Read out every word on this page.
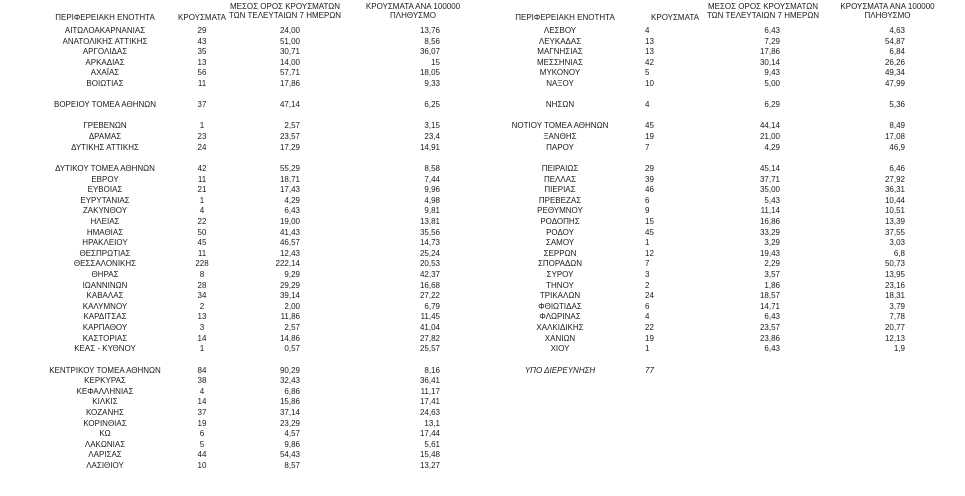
ΠΕΡΙΦΕΡΕΙΑΚΗ ΕΝΟΤΗΤΑ	ΚΡΟΥΣΜΑΤΑ
ΜΕΣΟΣ ΟΡΟΣ ΚΡΟΥΣΜΑΤΩΝ
ΤΩΝ ΤΕΛΕΥΤΑΙΩΝ 7 ΗΜΕΡΩΝ
ΚΡΟΥΣΜΑΤΑ ΑΝΑ 100000
ΠΛΗΘΥΣΜΟ
ΑΙΤΩΛΟΑΚΑΡΝΑΝΙΑΣ	29	24,00	13,76
ΑΝΑΤΟΛΙΚΗΣ ΑΤΤΙΚΗΣ	43	51,00	8,56
ΑΡΓΟΛΙΔΑΣ	35	30,71	36,07
ΑΡΚΑΔΙΑΣ	13	14,00	15
ΑΧΑΪΑΣ	56	57,71	18,05
ΒΟΙΩΤΙΑΣ	11	17,86	9,33
ΒΟΡΕΙΟΥ ΤΟΜΕΑ ΑΘΗΝΩΝ	37	47,14	6,25
ΓΡΕΒΕΝΩΝ	1	2,57	3,15
ΔΡΑΜΑΣ	23	23,57	23,4
ΔΥΤΙΚΗΣ ΑΤΤΙΚΗΣ	24	17,29	14,91
ΔΥΤΙΚΟΥ ΤΟΜΕΑ ΑΘΗΝΩΝ	42	55,29	8,58
ΕΒΡΟΥ	11	18,71	7,44
ΕΥΒΟΙΑΣ	21	17,43	9,96
ΕΥΡΥΤΑΝΙΑΣ	1	4,29	4,98
ΖΑΚΥΝΘΟΥ	4	6,43	9,81
ΗΛΕΙΑΣ	22	19,00	13,81
ΗΜΑΘΙΑΣ	50	41,43	35,56
ΗΡΑΚΛΕΙΟΥ	45	46,57	14,73
ΘΕΣΠΡΩΤΙΑΣ	11	12,43	25,24
ΘΕΣΣΑΛΟΝΙΚΗΣ	228	222,14	20,53
ΘΗΡΑΣ	8	9,29	42,37
ΙΩΑΝΝΙΝΩΝ	28	29,29	16,68
ΚΑΒΑΛΑΣ	34	39,14	27,22
ΚΑΛΥΜΝΟΥ	2	2,00	6,79
ΚΑΡΔΙΤΣΑΣ	13	11,86	11,45
ΚΑΡΠΑΘΟΥ	3	2,57	41,04
ΚΑΣΤΟΡΙΑΣ	14	14,86	27,82
ΚΕΑΣ - ΚΥΘΝΟΥ	1	0,57	25,57
ΚΕΝΤΡΙΚΟΥ ΤΟΜΕΑ ΑΘΗΝΩΝ	84	90,29	8,16
ΚΕΡΚΥΡΑΣ	38	32,43	36,41
ΚΕΦΑΛΛΗΝΙΑΣ	4	6,86	11,17
ΚΙΛΚΙΣ	14	15,86	17,41
ΚΟΖΑΝΗΣ	37	37,14	24,63
ΚΟΡΙΝΘΙΑΣ	19	23,29	13,1
ΚΩ	6	4,57	17,44
ΛΑΚΩΝΙΑΣ	5	9,86	5,61
ΛΑΡΙΣΑΣ	44	54,43	15,48
ΛΑΣΙΘΙΟΥ	10	8,57	13,27
ΠΕΡΙΦΕΡΕΙΑΚΗ ΕΝΟΤΗΤΑ	ΚΡΟΥΣΜΑΤΑ
ΜΕΣΟΣ ΟΡΟΣ ΚΡΟΥΣΜΑΤΩΝ
ΤΩΝ ΤΕΛΕΥΤΑΙΩΝ 7 ΗΜΕΡΩΝ
ΚΡΟΥΣΜΑΤΑ ΑΝΑ 100000
ΠΛΗΘΥΣΜΟ
ΛΕΣΒΟΥ	4	6,43	4,63
ΛΕΥΚΑΔΑΣ	13	7,29	54,87
ΜΑΓΝΗΣΙΑΣ	13	17,86	6,84
ΜΕΣΣΗΝΙΑΣ	42	30,14	26,26
ΜΥΚΟΝΟΥ	5	9,43	49,34
ΝΑΞΟΥ	10	5,00	47,99
ΝΗΣΩΝ	4	6,29	5,36
ΝΟΤΙΟΥ ΤΟΜΕΑ ΑΘΗΝΩΝ	45	44,14	8,49
ΞΑΝΘΗΣ	19	21,00	17,08
ΠΑΡΟΥ	7	4,29	46,9
ΠΕΙΡΑΙΩΣ	29	45,14	6,46
ΠΕΛΛΑΣ	39	37,71	27,92
ΠΙΕΡΙΑΣ	46	35,00	36,31
ΠΡΕΒΕΖΑΣ	6	5,43	10,44
ΡΕΘΥΜΝΟΥ	9	11,14	10,51
ΡΟΔΟΠΗΣ	15	16,86	13,39
ΡΟΔΟΥ	45	33,29	37,55
ΣΑΜΟΥ	1	3,29	3,03
ΣΕΡΡΩΝ	12	19,43	6,8
ΣΠΟΡΑΔΩΝ	7	2,29	50,73
ΣΥΡΟΥ	3	3,57	13,95
ΤΗΝΟΥ	2	1,86	23,16
ΤΡΙΚΑΛΩΝ	24	18,57	18,31
ΦΘΙΩΤΙΔΑΣ	6	14,71	3,79
ΦΛΩΡΙΝΑΣ	4	6,43	7,78
ΧΑΛΚΙΔΙΚΗΣ	22	23,57	20,77
ΧΑΝΙΩΝ	19	23,86	12,13
ΧΙΟΥ	1	6,43	1,9
ΥΠΟ ΔΙΕΡΕΥΝΗΣΗ	77
